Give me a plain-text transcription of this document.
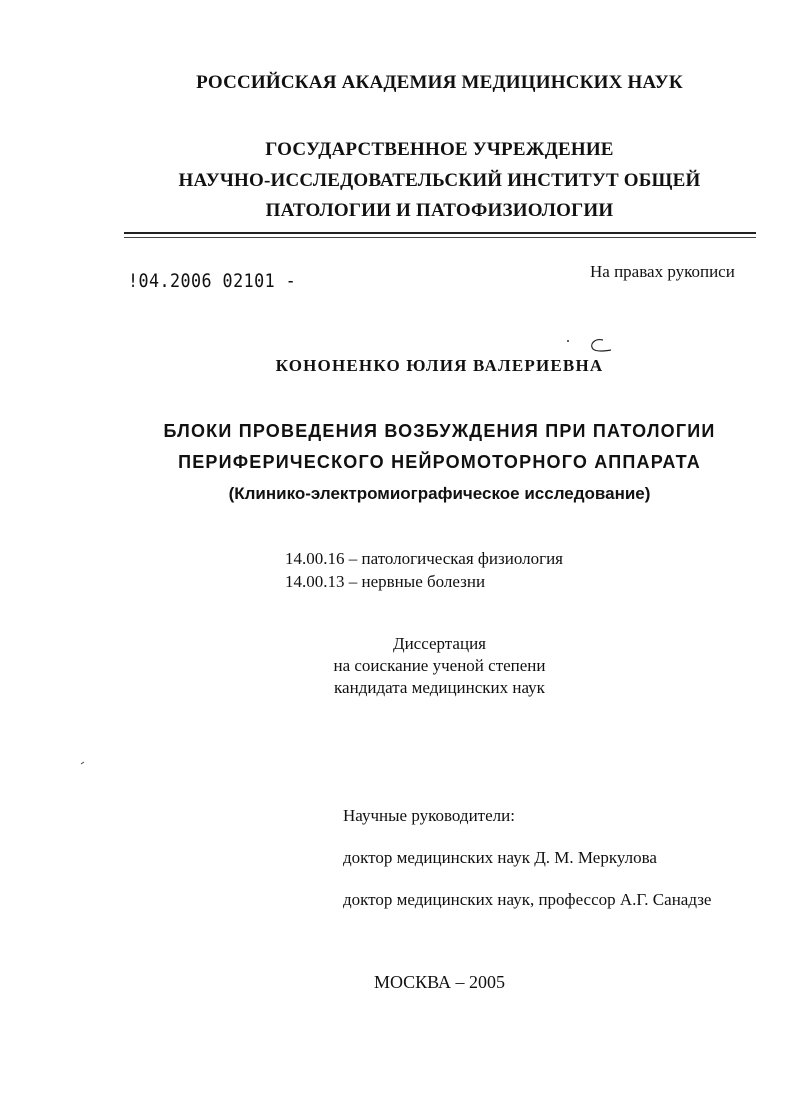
РОССИЙСКАЯ АКАДЕМИЯ МЕДИЦИНСКИХ НАУК
ГОСУДАРСТВЕННОЕ УЧРЕЖДЕНИЕ
НАУЧНО-ИССЛЕДОВАТЕЛЬСКИЙ ИНСТИТУТ ОБЩЕЙ
ПАТОЛОГИИ И ПАТОФИЗИОЛОГИИ
!04.2006 02101 -	На правах рукописи
КОНОНЕНКО ЮЛИЯ ВАЛЕРИЕВНА
БЛОКИ ПРОВЕДЕНИЯ ВОЗБУЖДЕНИЯ ПРИ ПАТОЛОГИИ
ПЕРИФЕРИЧЕСКОГО НЕЙРОМОТОРНОГО АППАРАТА
(Клинико-электромиографическое исследование)
14.00.16 – патологическая физиология
14.00.13 – нервные болезни
Диссертация
на соискание ученой степени
кандидата медицинских наук
Научные руководители:
доктор медицинских наук Д. М. Меркулова
доктор медицинских наук, профессор А.Г. Санадзе
МОСКВА – 2005
